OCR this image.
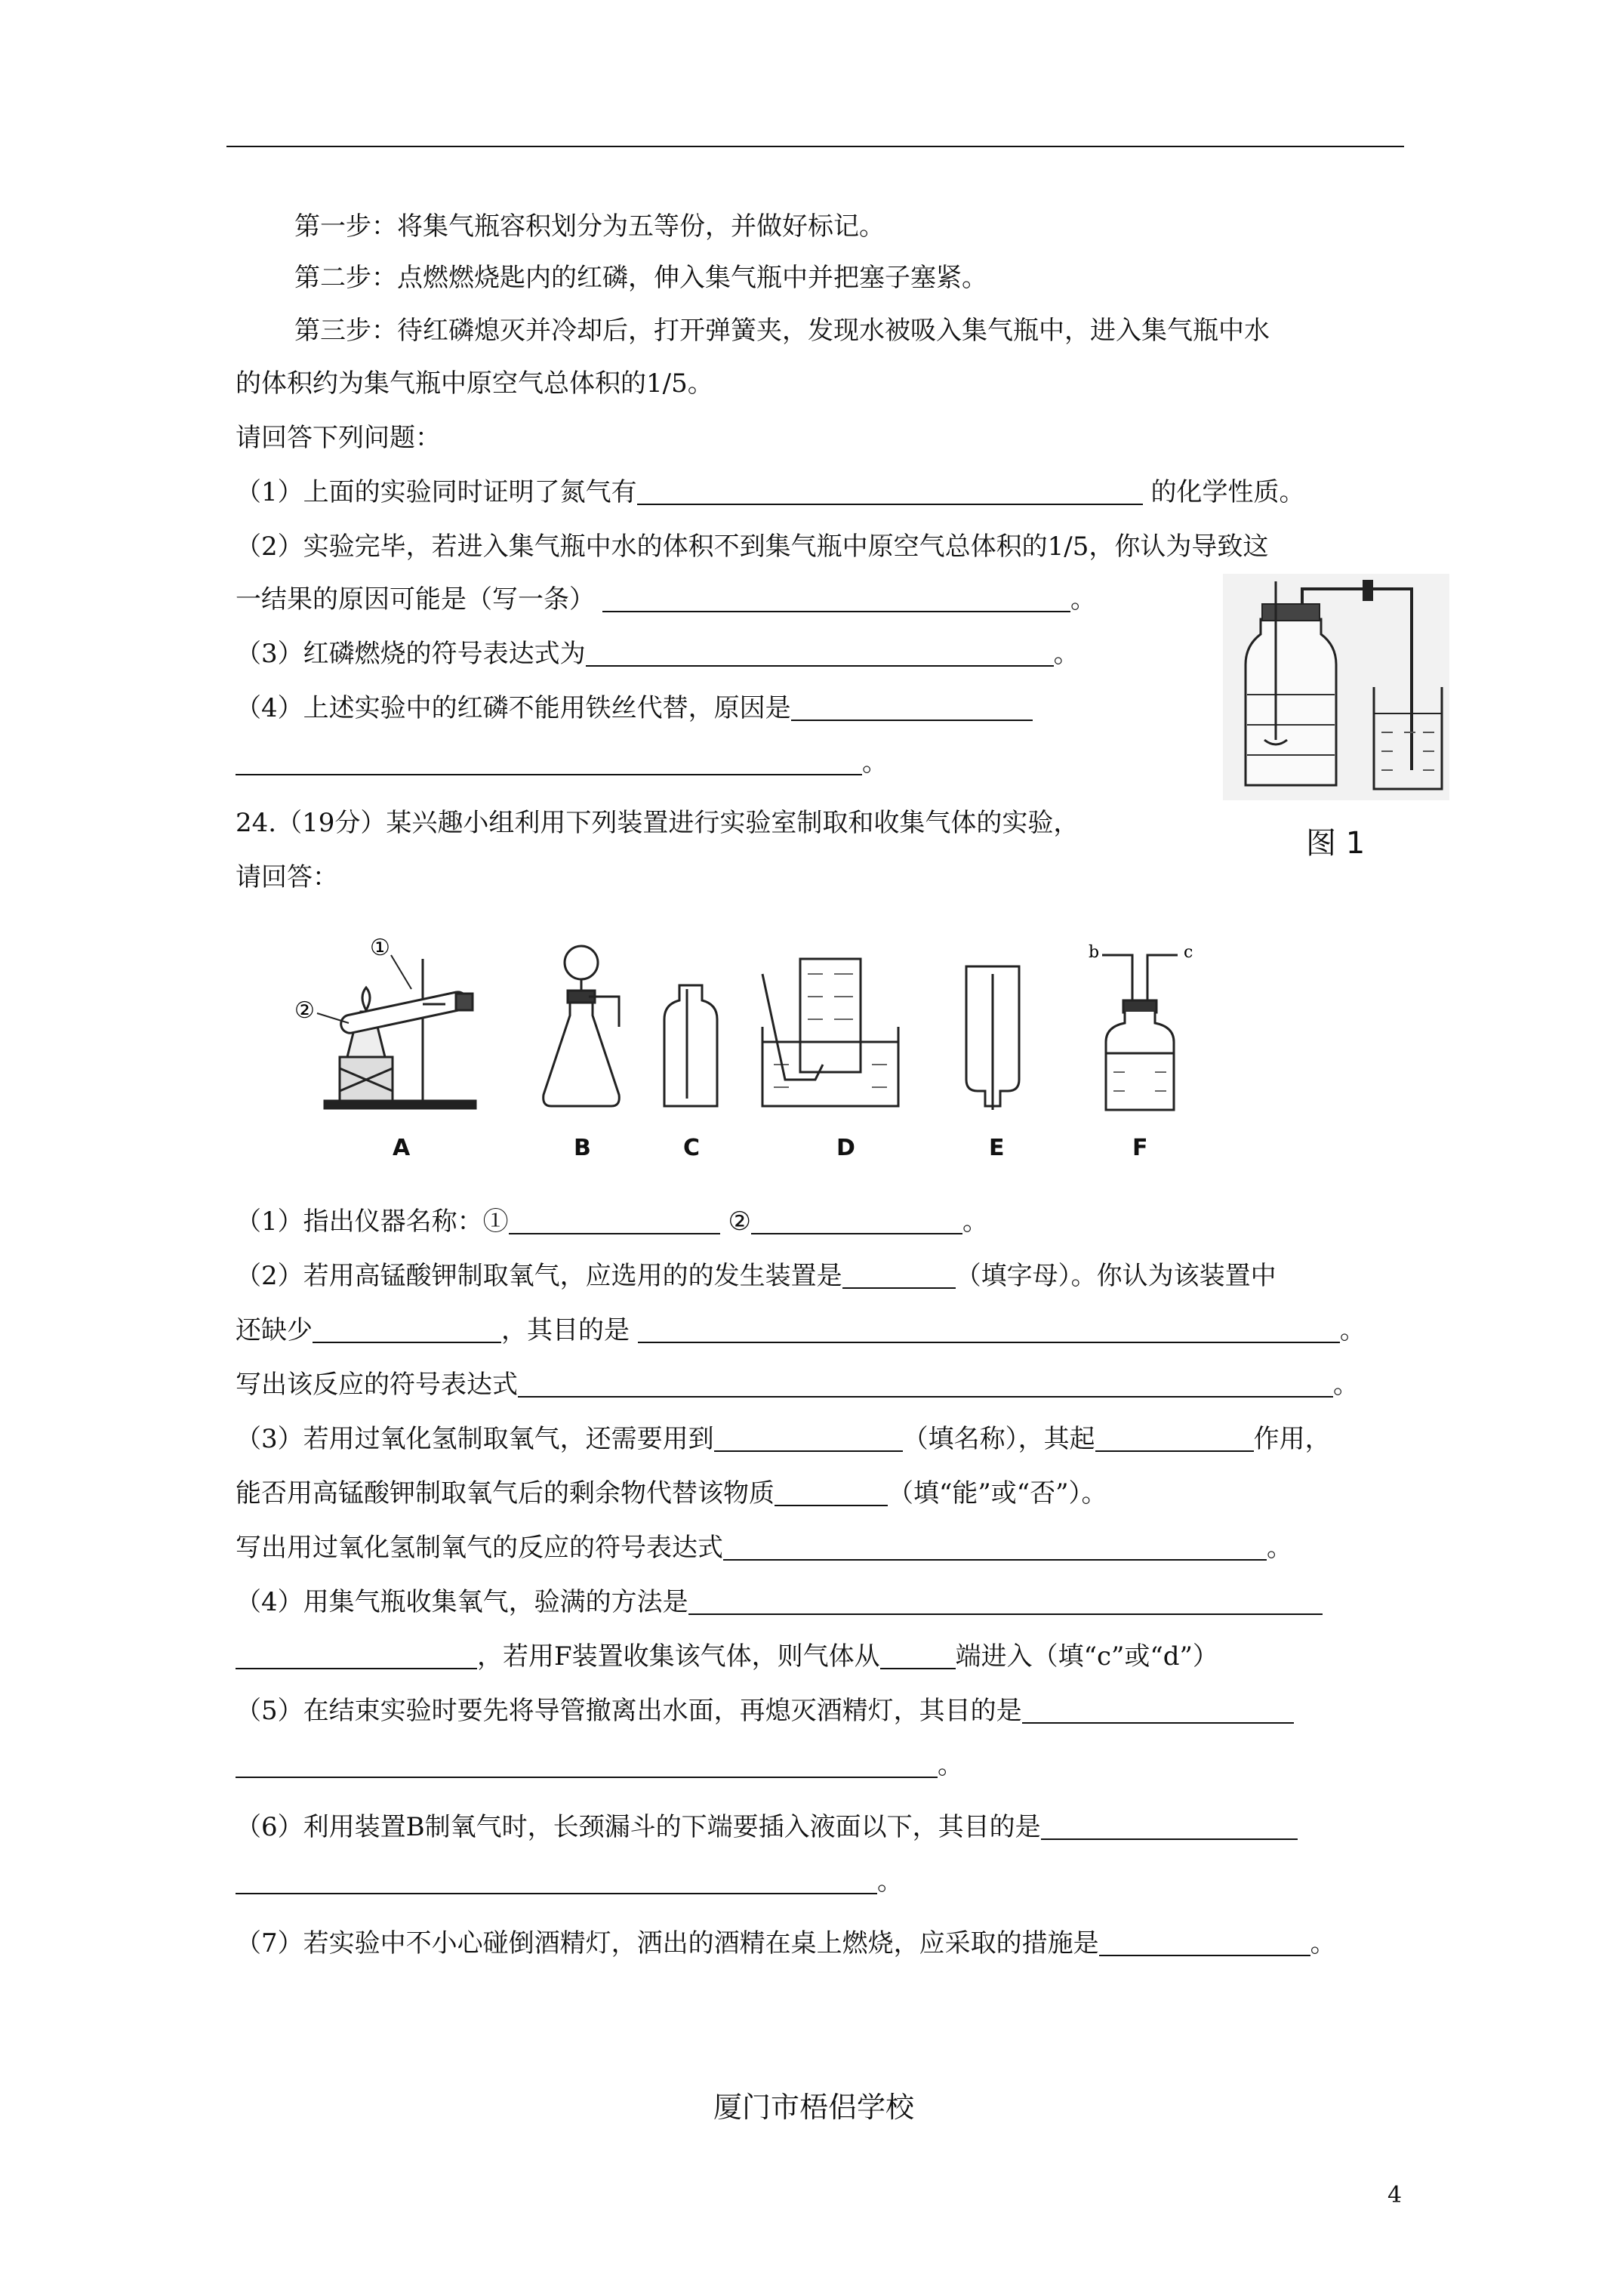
第一步：将集气瓶容积划分为五等份，并做好标记。
第二步：点燃燃烧匙内的红磷，伸入集气瓶中并把塞子塞紧。
第三步：待红磷熄灭并冷却后，打开弹簧夹，发现水被吸入集气瓶中，进入集气瓶中水
的体积约为集气瓶中原空气总体积的1/5。
请回答下列问题：
（1）上面的实验同时证明了氮气有	的化学性质。
（2）实验完毕，若进入集气瓶中水的体积不到集气瓶中原空气总体积的1/5，你认为导致这
一结果的原因可能是（写一条）	。
（3）红磷燃烧的符号表达式为	。
（4）上述实验中的红磷不能用铁丝代替，原因是
。
图 1
24.（19分）某兴趣小组利用下列装置进行实验室制取和收集气体的实验，
请回答：
①
②
b	c
A	B	C	D	E	F
（1）指出仪器名称：①	②	。
（2）若用高锰酸钾制取氧气，应选用的的发生装置是	（填字母）。你认为该装置中
还缺少	，其目的是	。
写出该反应的符号表达式	。
（3）若用过氧化氢制取氧气，还需要用到	（填名称），其起	作用，
能否用高锰酸钾制取氧气后的剩余物代替该物质	（填“能”或“否”）。
写出用过氧化氢制氧气的反应的符号表达式	。
（4）用集气瓶收集氧气，验满的方法是
，若用F装置收集该气体，则气体从	端进入（填“c”或“d”）
（5）在结束实验时要先将导管撤离出水面，再熄灭酒精灯，其目的是
。
（6）利用装置B制氧气时，长颈漏斗的下端要插入液面以下，其目的是
。
（7）若实验中不小心碰倒酒精灯，洒出的酒精在桌上燃烧，应采取的措施是	。
厦门市梧侣学校
4
